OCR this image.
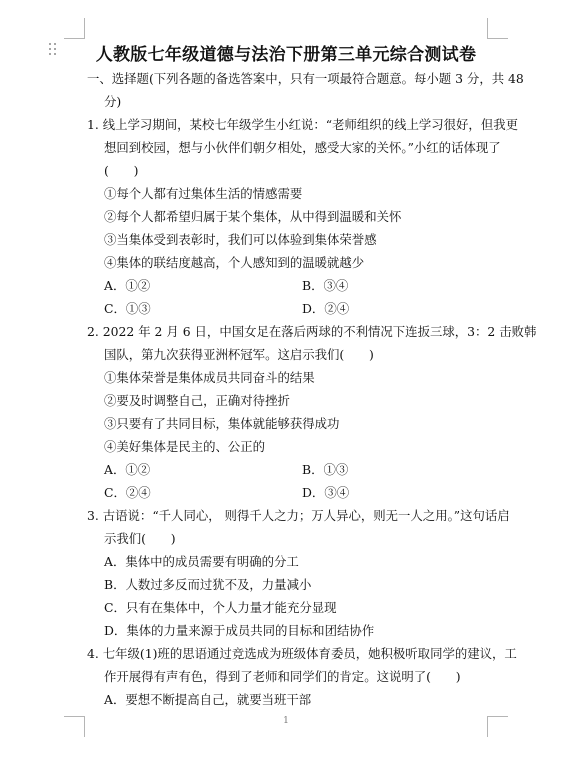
人教版七年级道德与法治下册第三单元综合测试卷
一、选择题(下列各题的备选答案中，只有一项最符合题意。每小题 3 分，共 48
分)
1. 线上学习期间，某校七年级学生小红说：“老师组织的线上学习很好，但我更
想回到校园，想与小伙伴们朝夕相处，感受大家的关怀。”小红的话体现了
(　　)
①每个人都有过集体生活的情感需要
②每个人都希望归属于某个集体，从中得到温暖和关怀
③当集体受到表彰时，我们可以体验到集体荣誉感
④集体的联结度越高，个人感知到的温暖就越少
A．①②	B．③④
C．①③	D．②④
2. 2022 年 2 月 6 日，中国女足在落后两球的不利情况下连扳三球，3：2 击败韩
国队，第九次获得亚洲杯冠军。这启示我们(　　)
①集体荣誉是集体成员共同奋斗的结果
②要及时调整自己，正确对待挫折
③只要有了共同目标，集体就能够获得成功
④美好集体是民主的、公正的
A．①②	B．①③
C．②④	D．③④
3. 古语说：“千人同心， 则得千人之力；万人异心，则无一人之用。”这句话启
示我们(　　)
A．集体中的成员需要有明确的分工
B．人数过多反而过犹不及，力量减小
C．只有在集体中，个人力量才能充分显现
D．集体的力量来源于成员共同的目标和团结协作
4. 七年级(1)班的思语通过竞选成为班级体育委员，她积极听取同学的建议，工
作开展得有声有色，得到了老师和同学们的肯定。这说明了(　　)
A．要想不断提高自己，就要当班干部
1
